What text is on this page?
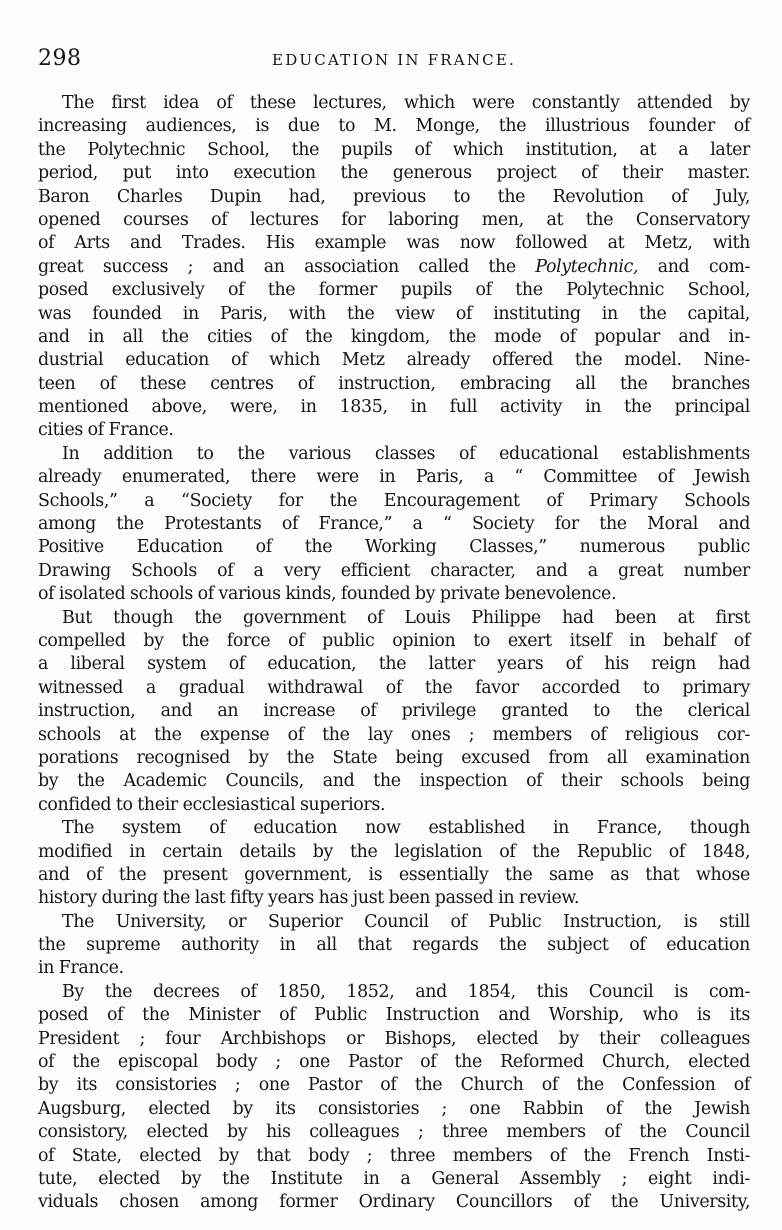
298	EDUCATION IN FRANCE.
The first idea of these lectures, which were constantly attended by
increasing audiences, is due to M. Monge, the illustrious founder of
the Polytechnic School, the pupils of which institution, at a later
period, put into execution the generous project of their master.
Baron Charles Dupin had, previous to the Revolution of July,
opened courses of lectures for laboring men, at the Conservatory
of Arts and Trades. His example was now followed at Metz, with
great success ; and an association called the Polytechnic, and com-
posed exclusively of the former pupils of the Polytechnic School,
was founded in Paris, with the view of instituting in the capital,
and in all the cities of the kingdom, the mode of popular and in-
dustrial education of which Metz already offered the model. Nine-
teen of these centres of instruction, embracing all the branches
mentioned above, were, in 1835, in full activity in the principal
cities of France.
In addition to the various classes of educational establishments
already enumerated, there were in Paris, a “ Committee of Jewish
Schools,” a “Society for the Encouragement of Primary Schools
among the Protestants of France,” a “ Society for the Moral and
Positive Education of the Working Classes,” numerous public
Drawing Schools of a very efficient character, and a great number
of isolated schools of various kinds, founded by private benevolence.
But though the government of Louis Philippe had been at first
compelled by the force of public opinion to exert itself in behalf of
a liberal system of education, the latter years of his reign had
witnessed a gradual withdrawal of the favor accorded to primary
instruction, and an increase of privilege granted to the clerical
schools at the expense of the lay ones ; members of religious cor-
porations recognised by the State being excused from all examination
by the Academic Councils, and the inspection of their schools being
confided to their ecclesiastical superiors.
The system of education now established in France, though
modified in certain details by the legislation of the Republic of 1848,
and of the present government, is essentially the same as that whose
history during the last fifty years has just been passed in review.
The University, or Superior Council of Public Instruction, is still
the supreme authority in all that regards the subject of education
in France.
By the decrees of 1850, 1852, and 1854, this Council is com-
posed of the Minister of Public Instruction and Worship, who is its
President ; four Archbishops or Bishops, elected by their colleagues
of the episcopal body ; one Pastor of the Reformed Church, elected
by its consistories ; one Pastor of the Church of the Confession of
Augsburg, elected by its consistories ; one Rabbin of the Jewish
consistory, elected by his colleagues ; three members of the Council
of State, elected by that body ; three members of the French Insti-
tute, elected by the Institute in a General Assembly ; eight indi-
viduals chosen among former Ordinary Councillors of the University,
